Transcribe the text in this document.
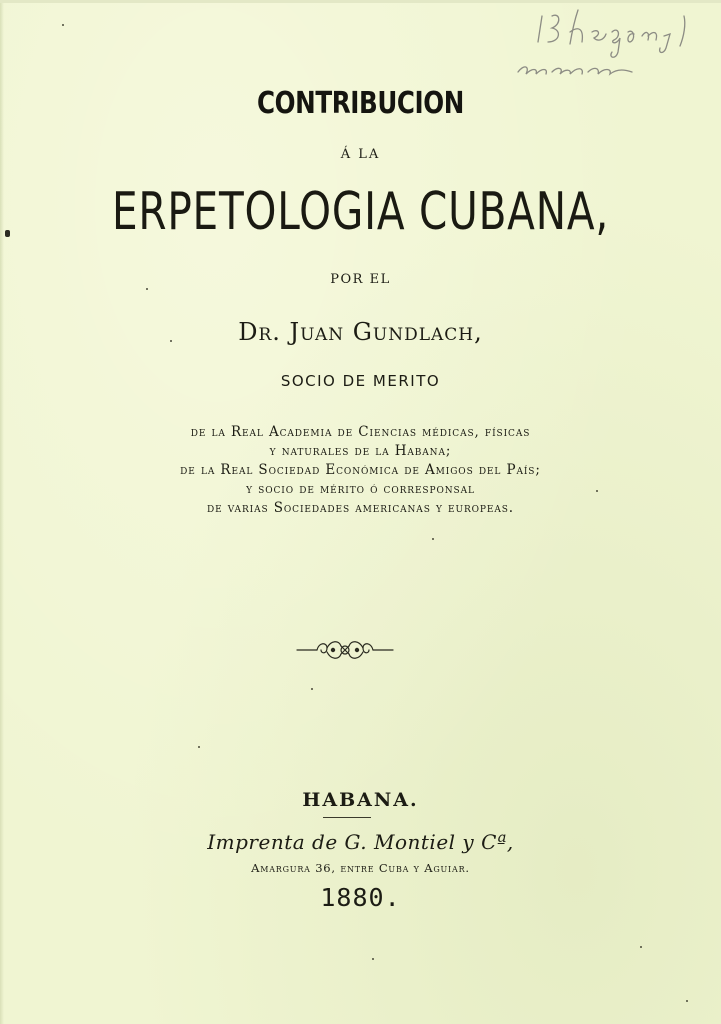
CONTRIBUCION
Á LA
ERPETOLOGIA CUBANA,
POR EL
Dr. Juan Gundlach,
SOCIO DE MERITO
de la Real Academia de Ciencias médicas, físicas
y naturales de la Habana;
de la Real Sociedad Económica de Amigos del País;
y socio de mérito ó corresponsal
de varias Sociedades americanas y europeas.
HABANA.
Imprenta de G. Montiel y Cª,
Amargura 36, entre Cuba y Aguiar.
1880.
